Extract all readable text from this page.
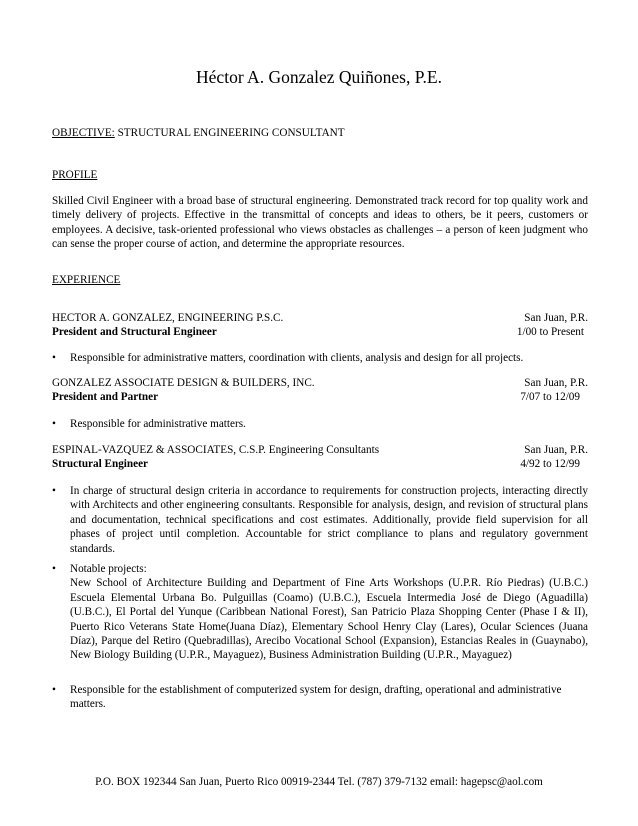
Héctor A. Gonzalez Quiñones, P.E.
OBJECTIVE: STRUCTURAL ENGINEERING CONSULTANT
PROFILE
Skilled Civil Engineer with a broad base of structural engineering. Demonstrated track record for top quality work and timely delivery of projects. Effective in the transmittal of concepts and ideas to others, be it peers, customers or employees. A decisive, task-oriented professional who views obstacles as challenges – a person of keen judgment who can sense the proper course of action, and determine the appropriate resources.
EXPERIENCE
HECTOR A. GONZALEZ, ENGINEERING P.S.C.	San Juan, P.R.
President and Structural Engineer	1/00 to Present
•	Responsible for administrative matters, coordination with clients, analysis and design for all projects.
GONZALEZ ASSOCIATE DESIGN & BUILDERS, INC.	San Juan, P.R.
President and Partner	7/07 to 12/09
•	Responsible for administrative matters.
ESPINAL-VAZQUEZ & ASSOCIATES, C.S.P. Engineering Consultants	San Juan, P.R.
Structural Engineer	4/92 to 12/99
•	In charge of structural design criteria in accordance to requirements for construction projects, interacting directly with Architects and other engineering consultants. Responsible for analysis, design, and revision of structural plans and documentation, technical specifications and cost estimates. Additionally, provide field supervision for all phases of project until completion. Accountable for strict compliance to plans and regulatory government standards.
•	Notable projects:
New School of Architecture Building and Department of Fine Arts Workshops (U.P.R. Río Piedras) (U.B.C.) Escuela Elemental Urbana Bo. Pulguillas (Coamo) (U.B.C.), Escuela Intermedia José de Diego (Aguadilla) (U.B.C.), El Portal del Yunque (Caribbean National Forest), San Patricio Plaza Shopping Center (Phase I & II), Puerto Rico Veterans State Home(Juana Díaz), Elementary School Henry Clay (Lares), Ocular Sciences (Juana Díaz), Parque del Retiro (Quebradillas), Arecibo Vocational School (Expansion), Estancias Reales in (Guaynabo), New Biology Building (U.P.R., Mayaguez), Business Administration Building (U.P.R., Mayaguez)
•	Responsible for the establishment of computerized system for design, drafting, operational and administrative matters.
P.O. BOX 192344 San Juan, Puerto Rico 00919-2344 Tel. (787) 379-7132 email: hagepsc@aol.com
